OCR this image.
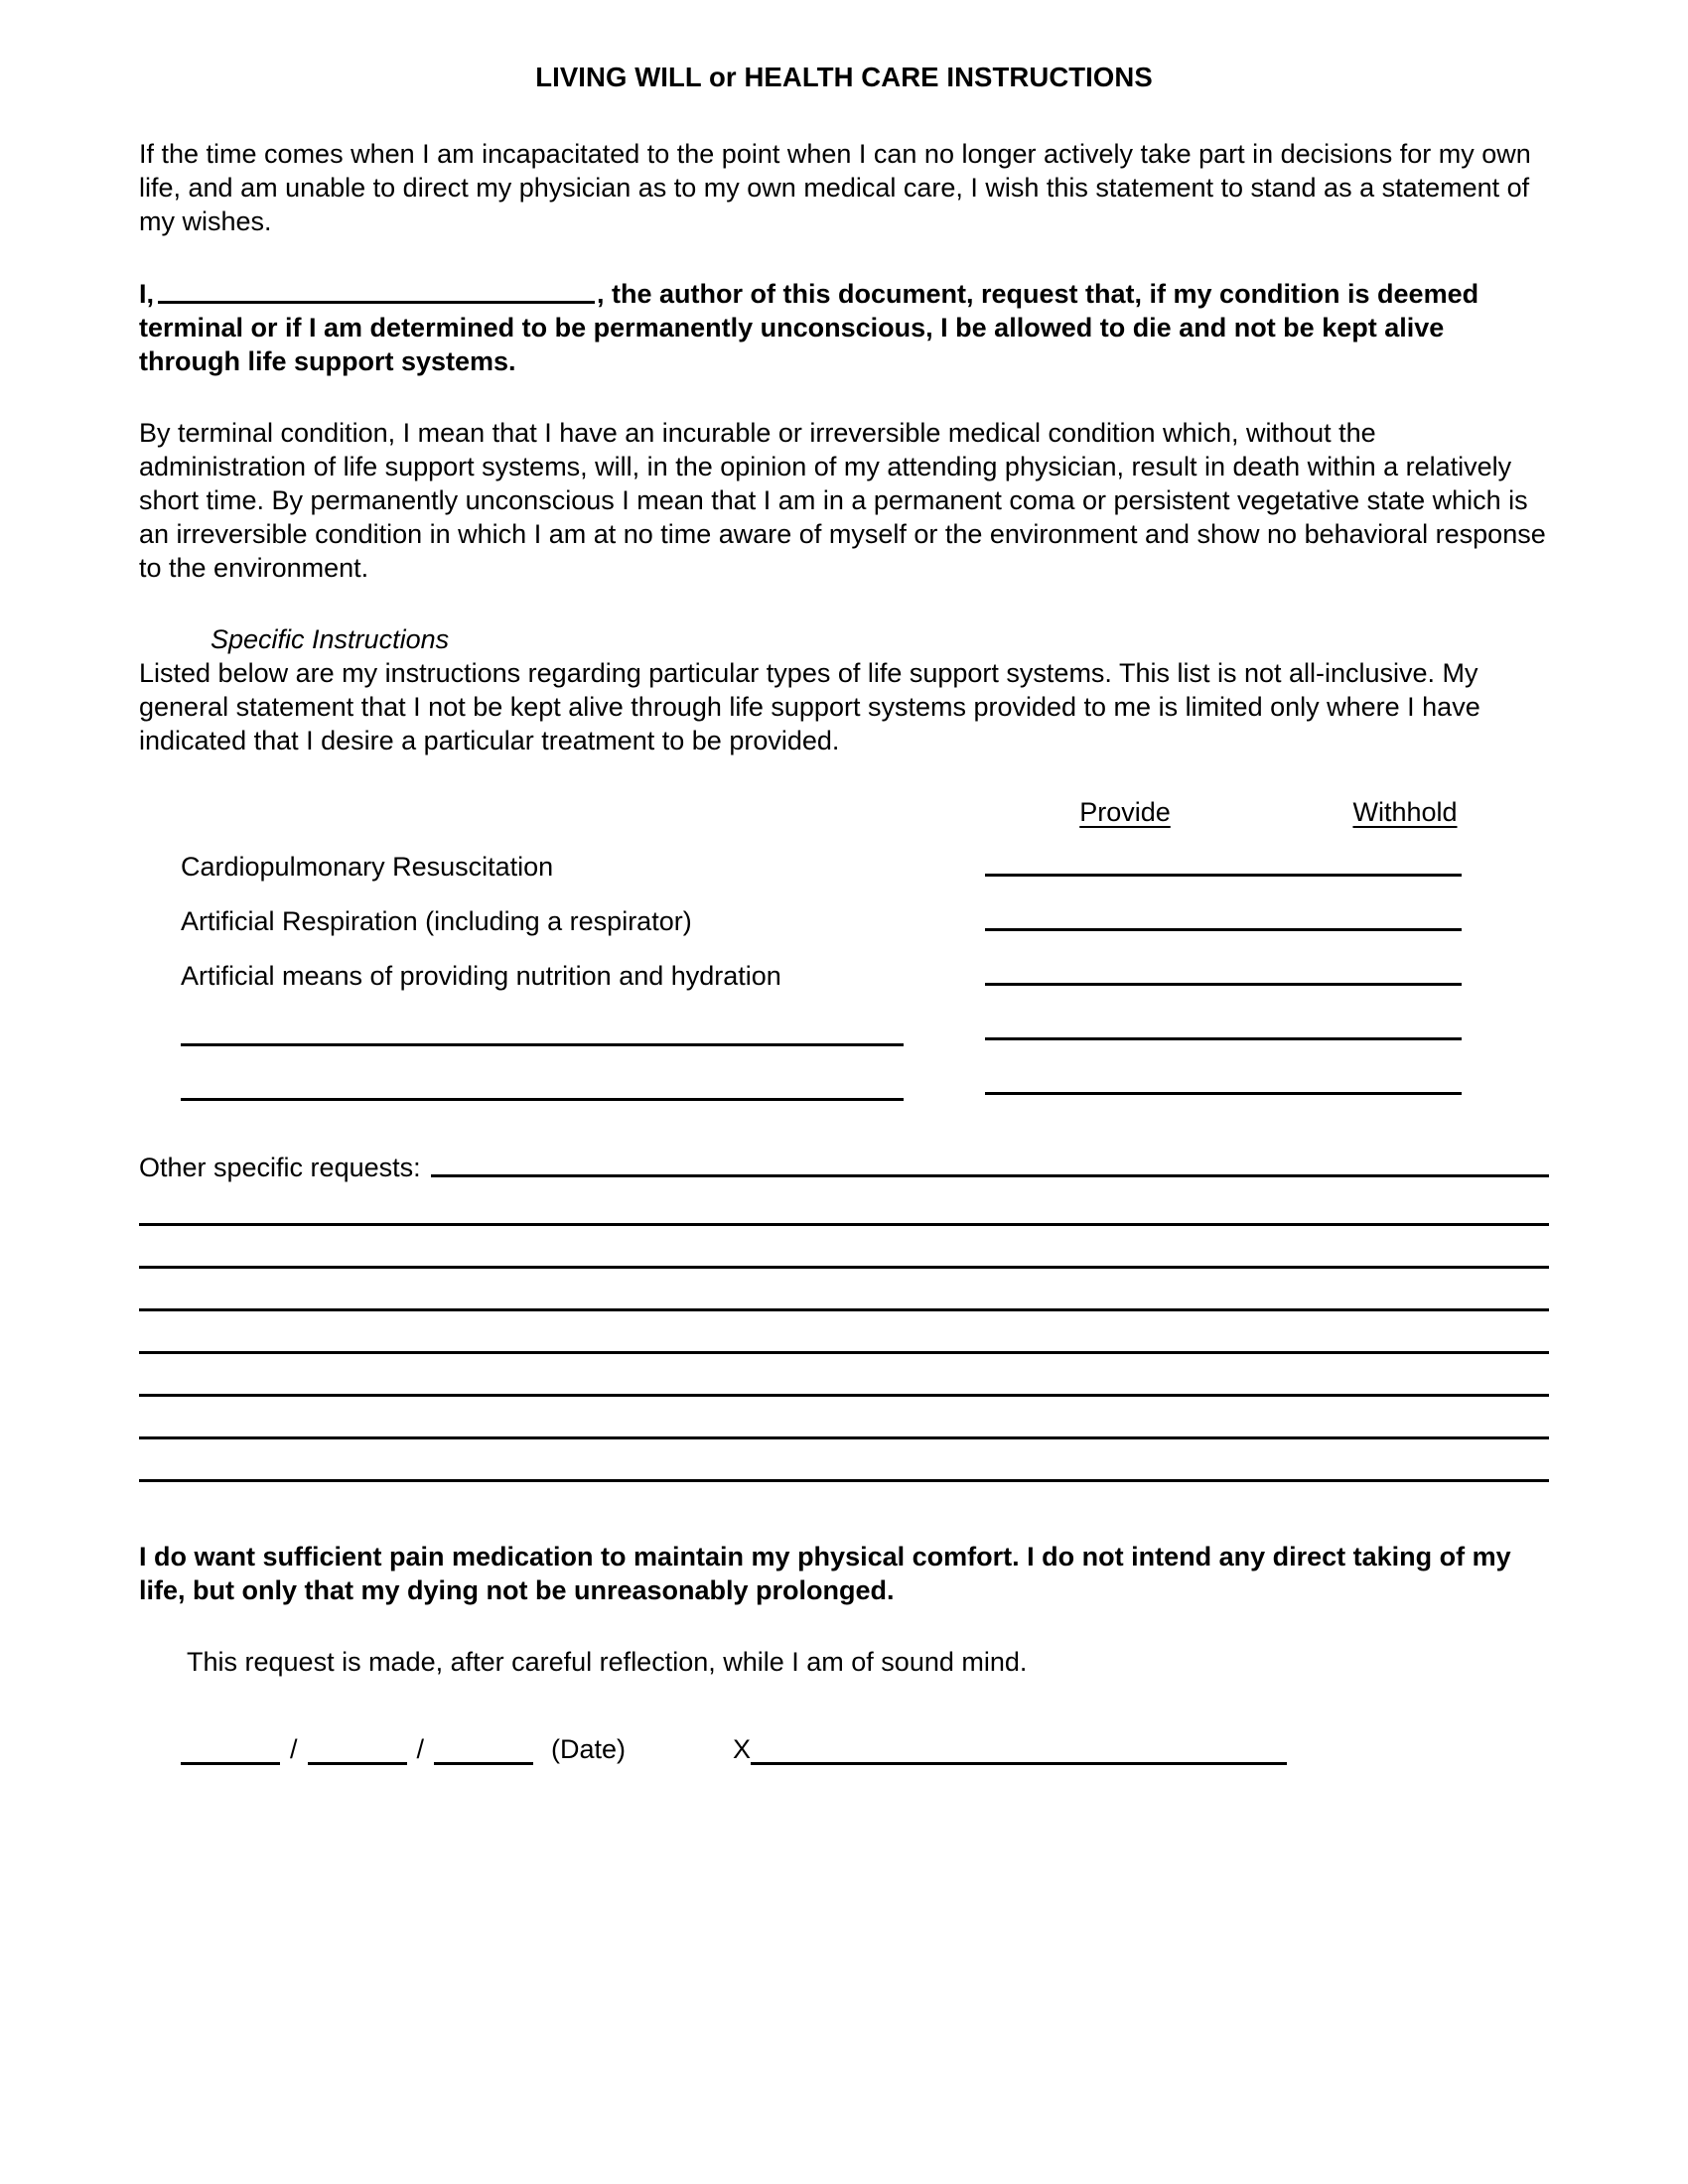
LIVING WILL or HEALTH CARE INSTRUCTIONS

If the time comes when I am incapacitated to the point when I can no longer actively take part in decisions for my own life, and am unable to direct my physician as to my own medical care, I wish this statement to stand as a statement of my wishes.

I,	, the author of this document, request that, if my condition is deemed terminal or if I am determined to be permanently unconscious, I be allowed to die and not be kept alive through life support systems.

By terminal condition, I mean that I have an incurable or irreversible medical condition which, without the administration of life support systems, will, in the opinion of my attending physician, result in death within a relatively short time. By permanently unconscious I mean that I am in a permanent coma or persistent vegetative state which is an irreversible condition in which I am at no time aware of myself or the environment and show no behavioral response to the environment.

Specific Instructions

Listed below are my instructions regarding particular types of life support systems. This list is not all-inclusive. My general statement that I not be kept alive through life support systems provided to me is limited only where I have indicated that I desire a particular treatment to be provided.

Provide	Withhold
Cardiopulmonary Resuscitation
Artificial Respiration (including a respirator)
Artificial means of providing nutrition and hydration
Other specific requests:

I do want sufficient pain medication to maintain my physical comfort. I do not intend any direct taking of my life, but only that my dying not be unreasonably prolonged.

This request is made, after careful reflection, while I am of sound mind.

/	/	(Date)	X
